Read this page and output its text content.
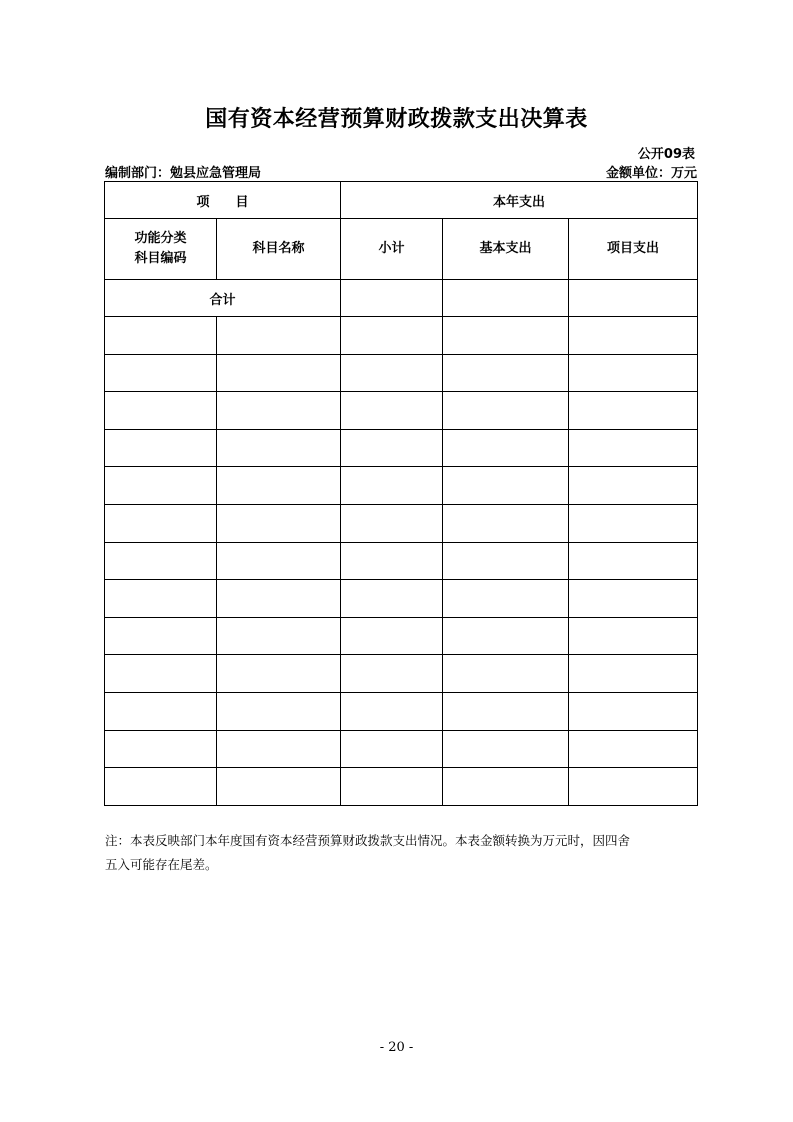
国有资本经营预算财政拨款支出决算表
公开09表
编制部门：勉县应急管理局	金额单位：万元
项 目		本年支出		

功能分类
科目编码	科目名称	小计	基本支出	项目支出
合计				

注：本表反映部门本年度国有资本经营预算财政拨款支出情况。本表金额转换为万元时，因四舍
五入可能存在尾差。
- 20 -
